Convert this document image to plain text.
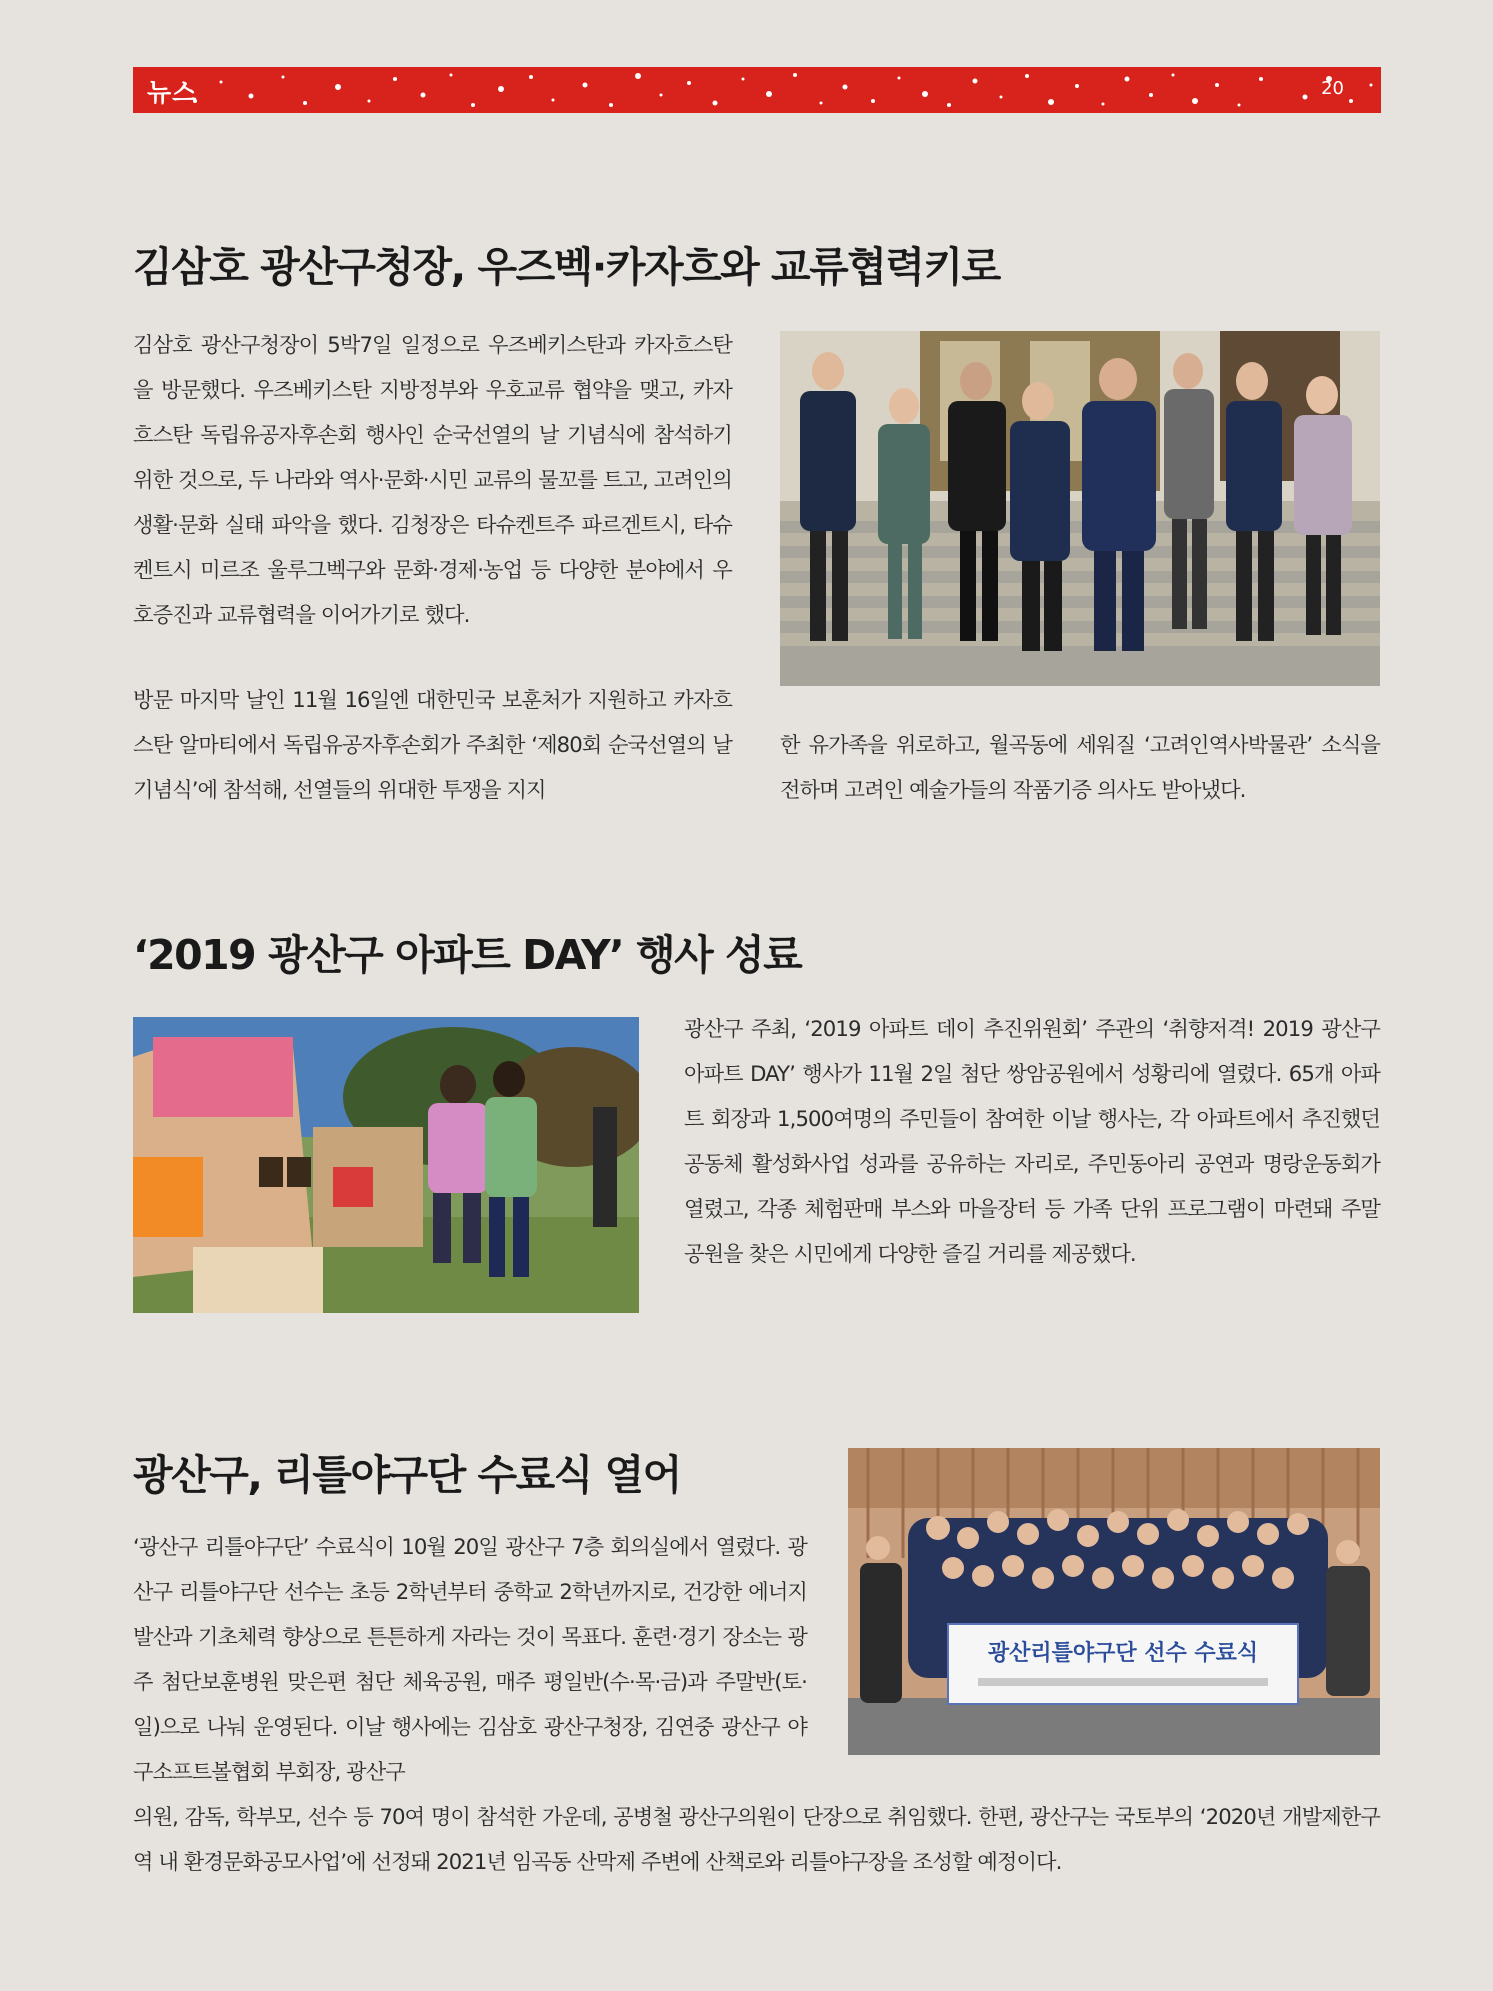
뉴스	20
김삼호 광산구청장, 우즈벡·카자흐와 교류협력키로

김삼호 광산구청장이 5박7일 일정으로 우즈베키스탄과 카자흐스탄을 방문했다. 우즈베키스탄 지방정부와 우호교류 협약을 맺고, 카자흐스탄 독립유공자후손회 행사인 순국선열의 날 기념식에 참석하기 위한 것으로, 두 나라와 역사·문화·시민 교류의 물꼬를 트고, 고려인의 생활·문화 실태 파악을 했다. 김청장은 타슈켄트주 파르겐트시, 타슈켄트시 미르조 울루그벡구와 문화·경제·농업 등 다양한 분야에서 우호증진과 교류협력을 이어가기로 했다.

방문 마지막 날인 11월 16일엔 대한민국 보훈처가 지원하고 카자흐스탄 알마티에서 독립유공자후손회가 주최한 ‘제80회 순국선열의 날 기념식’에 참석해, 선열들의 위대한 투쟁을 지지

한 유가족을 위로하고, 월곡동에 세워질 ‘고려인역사박물관’ 소식을 전하며 고려인 예술가들의 작품기증 의사도 받아냈다.

‘2019 광산구 아파트 DAY’ 행사 성료

광산구 주최, ‘2019 아파트 데이 추진위원회’ 주관의 ‘취향저격! 2019 광산구 아파트 DAY’ 행사가 11월 2일 첨단 쌍암공원에서 성황리에 열렸다. 65개 아파트 회장과 1,500여명의 주민들이 참여한 이날 행사는, 각 아파트에서 추진했던 공동체 활성화사업 성과를 공유하는 자리로, 주민동아리 공연과 명랑운동회가 열렸고, 각종 체험판매 부스와 마을장터 등 가족 단위 프로그램이 마련돼 주말 공원을 찾은 시민에게 다양한 즐길 거리를 제공했다.

광산구, 리틀야구단 수료식 열어

‘광산구 리틀야구단’ 수료식이 10월 20일 광산구 7층 회의실에서 열렸다. 광산구 리틀야구단 선수는 초등 2학년부터 중학교 2학년까지로, 건강한 에너지 발산과 기초체력 향상으로 튼튼하게 자라는 것이 목표다. 훈련·경기 장소는 광주 첨단보훈병원 맞은편 첨단 체육공원, 매주 평일반(수·목·금)과 주말반(토·일)으로 나눠 운영된다. 이날 행사에는 김삼호 광산구청장, 김연중 광산구 야구소프트볼협회 부회장, 광산구

광산리틀야구단 선수 수료식

의원, 감독, 학부모, 선수 등 70여 명이 참석한 가운데, 공병철 광산구의원이 단장으로 취임했다. 한편, 광산구는 국토부의 ‘2020년 개발제한구역 내 환경문화공모사업’에 선정돼 2021년 임곡동 산막제 주변에 산책로와 리틀야구장을 조성할 예정이다.
